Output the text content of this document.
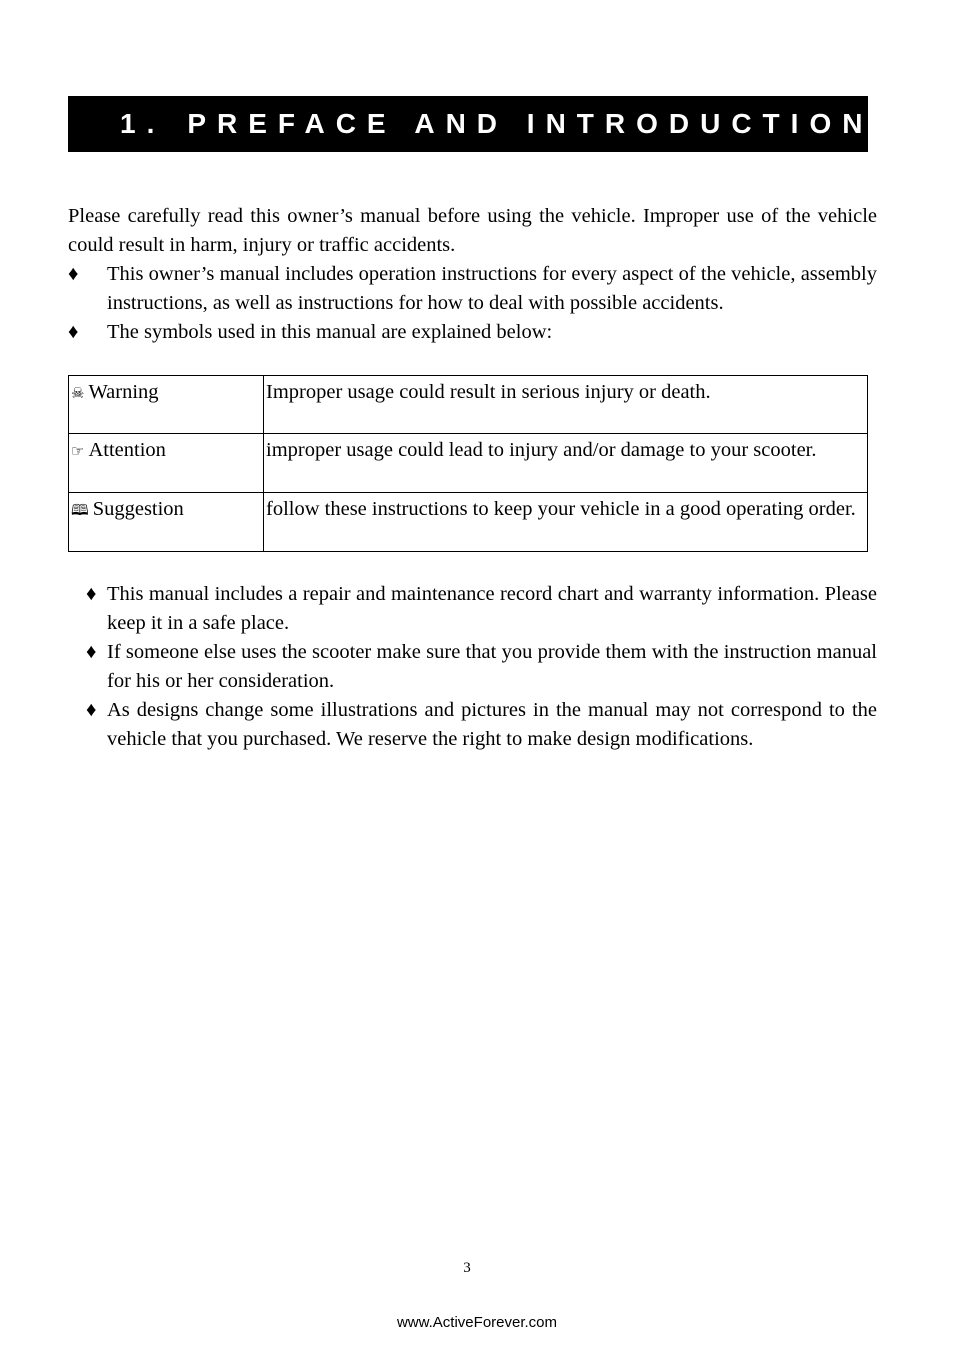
1. PREFACE AND INTRODUCTION

Please carefully read this owner’s manual before using the vehicle. Improper use of the vehicle could result in harm, injury or traffic accidents.

♦ This owner’s manual includes operation instructions for every aspect of the vehicle, assembly instructions, as well as instructions for how to deal with possible accidents.
♦ The symbols used in this manual are explained below:
☠ Warning	Improper usage could result in serious injury or death.
☞ Attention	improper usage could lead to injury and/or damage to your scooter.
🕮 Suggestion	follow these instructions to keep your vehicle in a good operating order.
♦ This manual includes a repair and maintenance record chart and warranty information. Please keep it in a safe place.
♦ If someone else uses the scooter make sure that you provide them with the instruction manual for his or her consideration.
♦ As designs change some illustrations and pictures in the manual may not correspond to the vehicle that you purchased. We reserve the right to make design modifications.
3
www.ActiveForever.com
